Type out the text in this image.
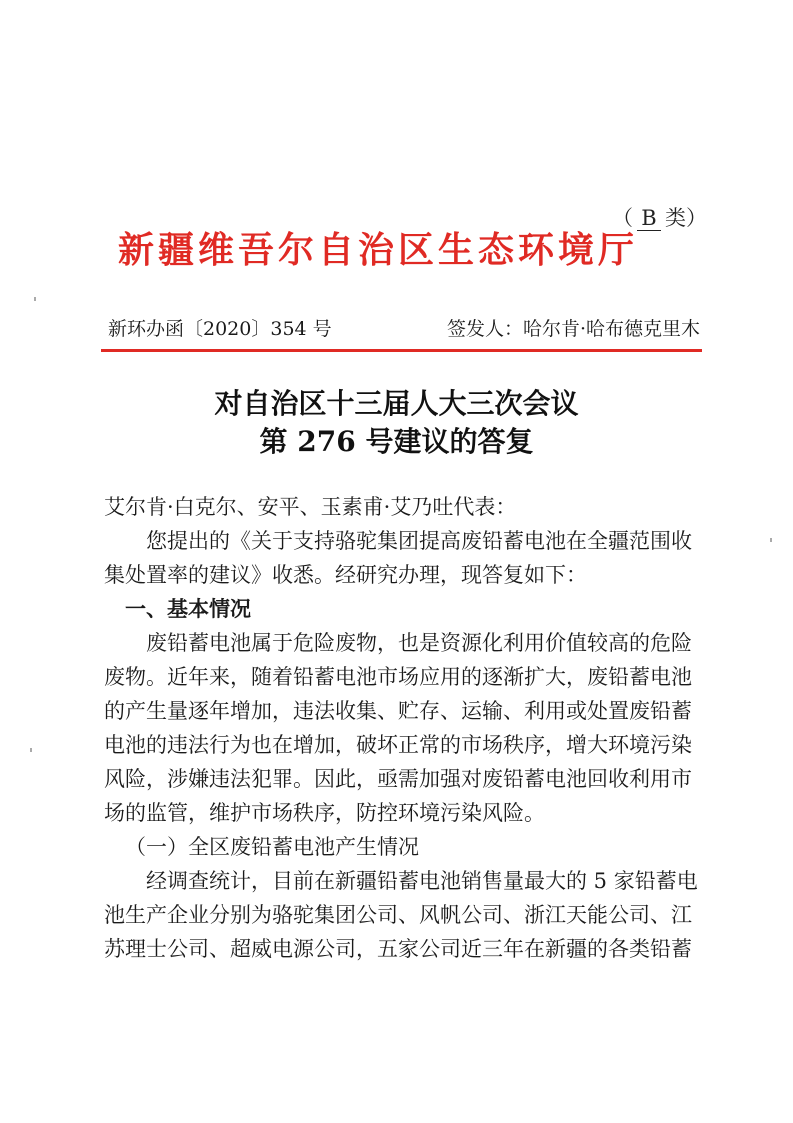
（ B 类）
新疆维吾尔自治区生态环境厅
新环办函〔2020〕354 号	签发人：哈尔肯·哈布德克里木
对自治区十三届人大三次会议
第 276 号建议的答复

艾尔肯·白克尔、安平、玉素甫·艾乃吐代表：

您提出的《关于支持骆驼集团提高废铅蓄电池在全疆范围收集处置率的建议》收悉。经研究办理，现答复如下：

一、基本情况

废铅蓄电池属于危险废物，也是资源化利用价值较高的危险废物。近年来，随着铅蓄电池市场应用的逐渐扩大，废铅蓄电池的产生量逐年增加，违法收集、贮存、运输、利用或处置废铅蓄电池的违法行为也在增加，破坏正常的市场秩序，增大环境污染风险，涉嫌违法犯罪。因此，亟需加强对废铅蓄电池回收利用市场的监管，维护市场秩序，防控环境污染风险。

（一）全区废铅蓄电池产生情况

经调查统计，目前在新疆铅蓄电池销售量最大的 5 家铅蓄电池生产企业分别为骆驼集团公司、风帆公司、浙江天能公司、江苏理士公司、超威电源公司，五家公司近三年在新疆的各类铅蓄
